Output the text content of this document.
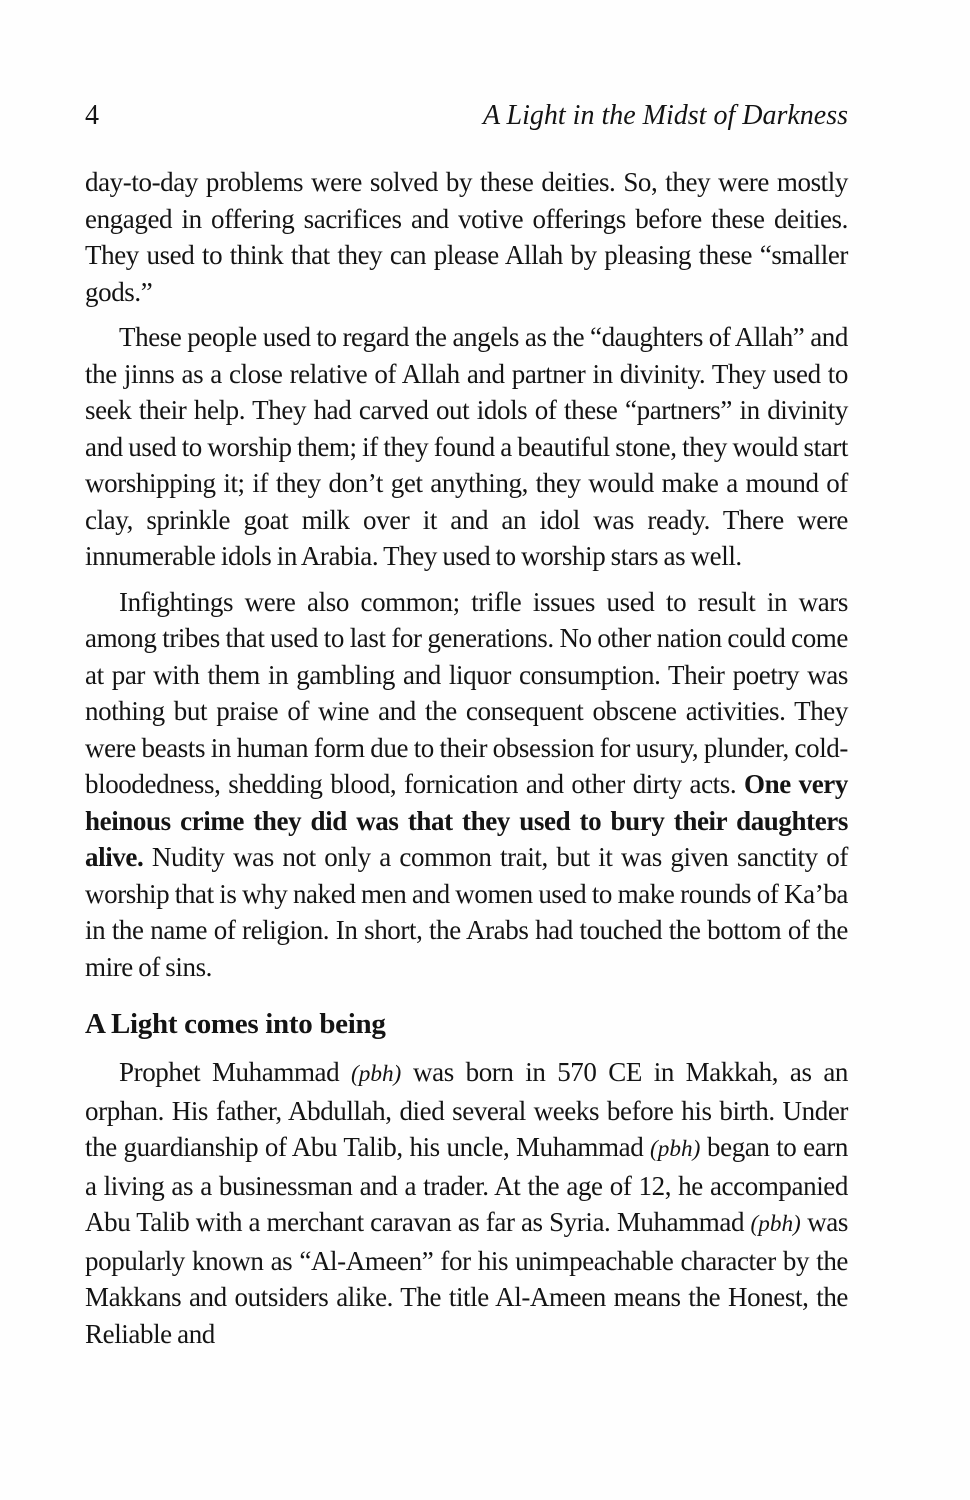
4	A Light in the Midst of Darkness

day-to-day problems were solved by these deities. So, they were mostly engaged in offering sacrifices and votive offerings before these deities. They used to think that they can please Allah by pleasing these “smaller gods.”

These people used to regard the angels as the “daughters of Allah” and the jinns as a close relative of Allah and partner in divinity. They used to seek their help. They had carved out idols of these “partners” in divinity and used to worship them; if they found a beautiful stone, they would start worshipping it; if they don’t get anything, they would make a mound of clay, sprinkle goat milk over it and an idol was ready. There were innumerable idols in Arabia. They used to worship stars as well.

Infightings were also common; trifle issues used to result in wars among tribes that used to last for generations. No other nation could come at par with them in gambling and liquor consumption. Their poetry was nothing but praise of wine and the consequent obscene activities. They were beasts in human form due to their obsession for usury, plunder, cold-bloodedness, shedding blood, fornication and other dirty acts. One very heinous crime they did was that they used to bury their daughters alive. Nudity was not only a common trait, but it was given sanctity of worship that is why naked men and women used to make rounds of Ka’ba in the name of religion. In short, the Arabs had touched the bottom of the mire of sins.

A Light comes into being

Prophet Muhammad (pbh) was born in 570 CE in Makkah, as an orphan. His father, Abdullah, died several weeks before his birth. Under the guardianship of Abu Talib, his uncle, Muhammad (pbh) began to earn a living as a businessman and a trader. At the age of 12, he accompanied Abu Talib with a merchant caravan as far as Syria. Muhammad (pbh) was popularly known as “Al-Ameen” for his unimpeachable character by the Makkans and outsiders alike. The title Al-Ameen means the Honest, the Reliable and
